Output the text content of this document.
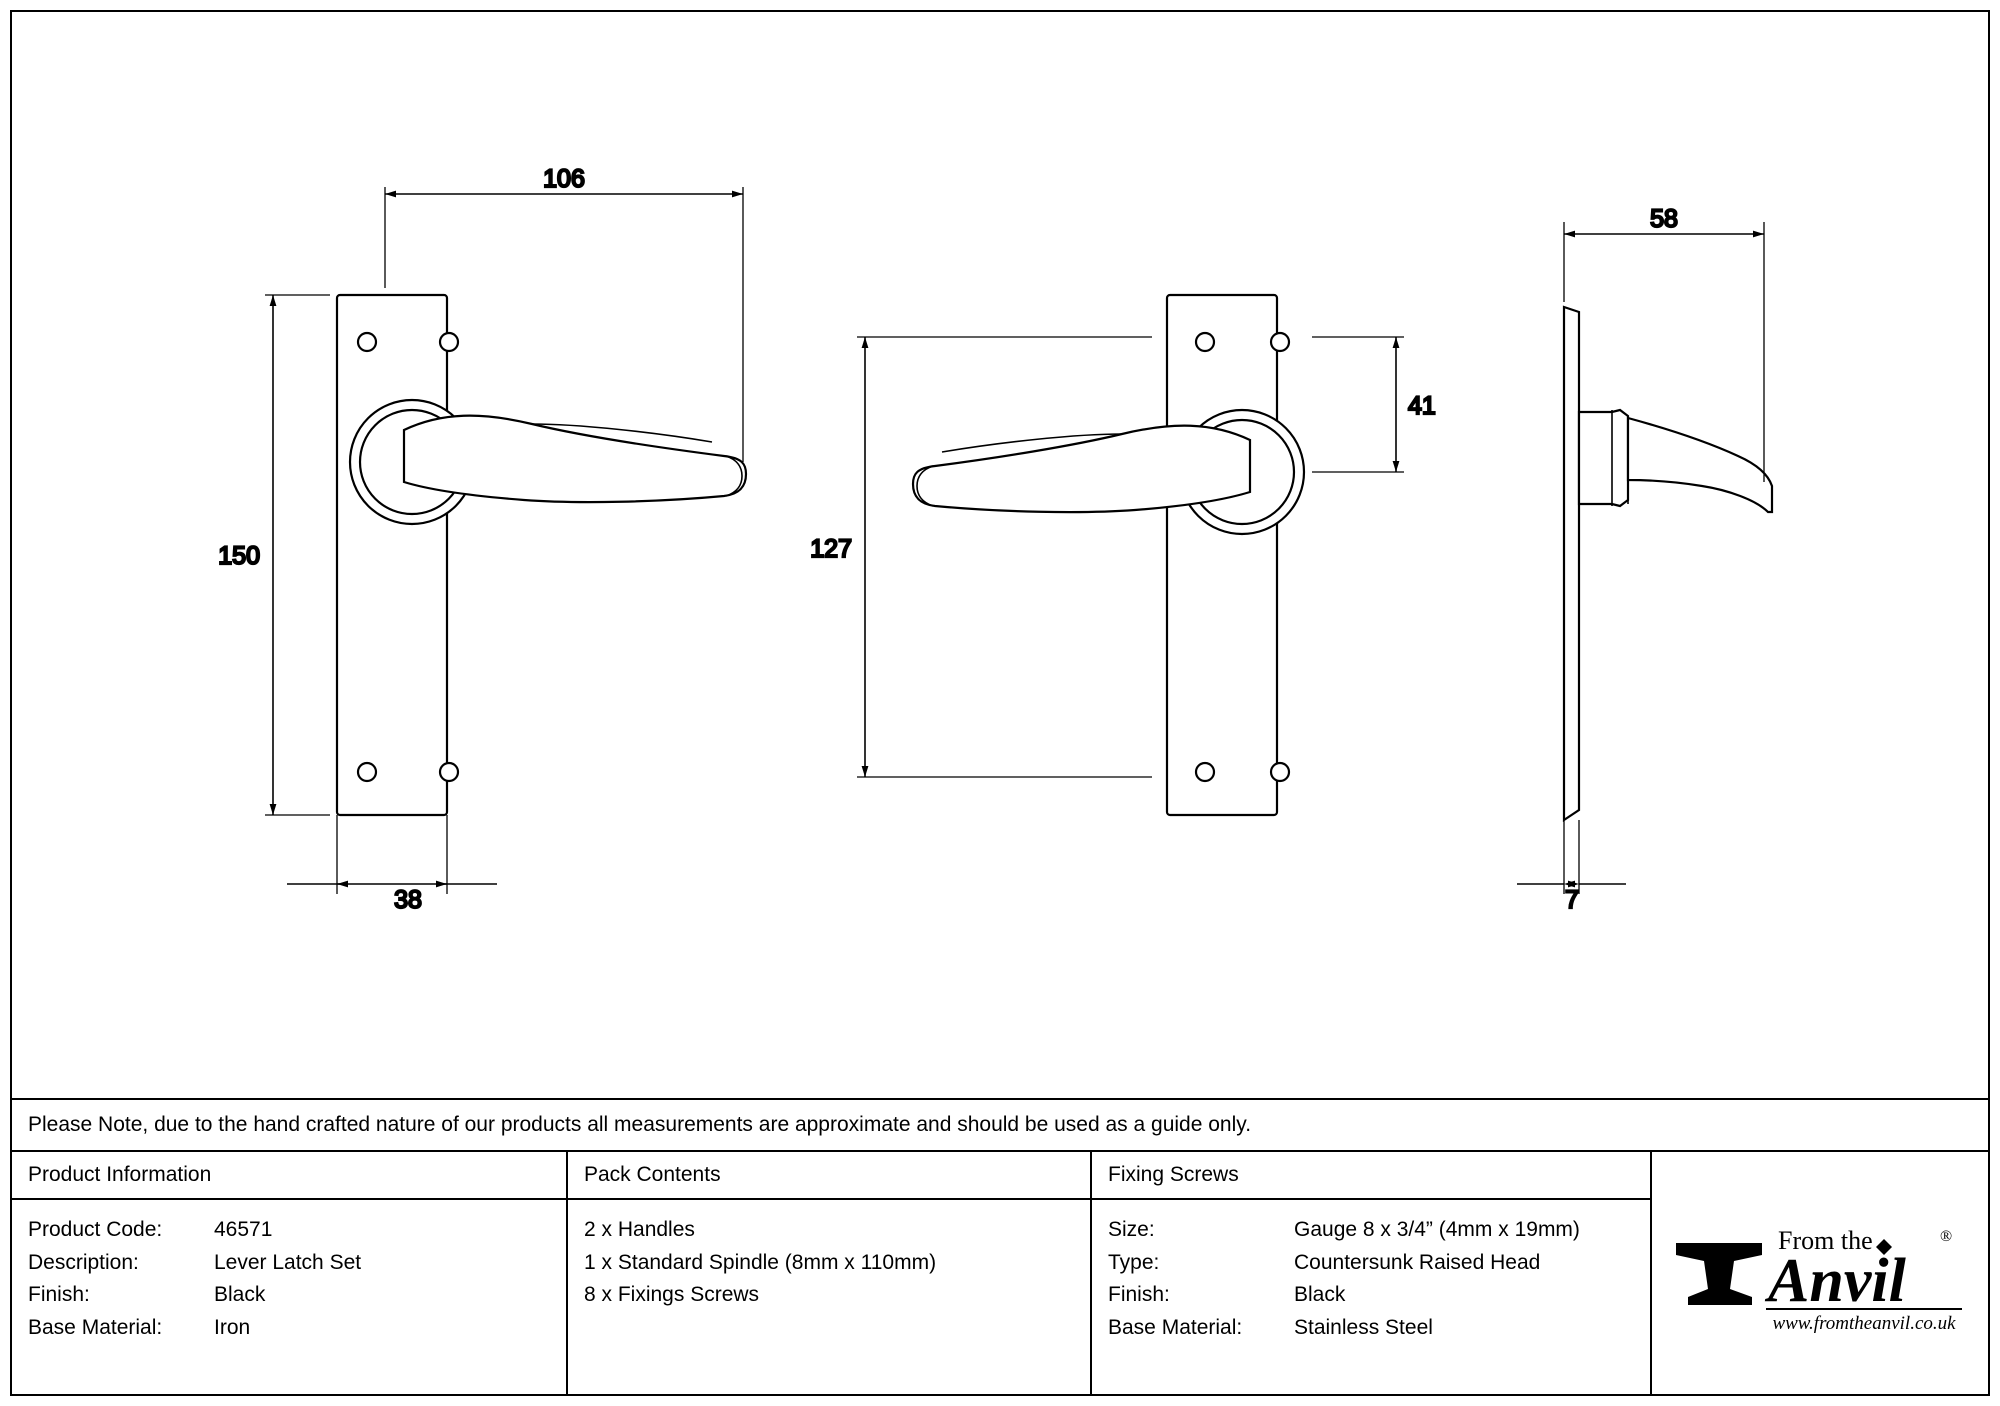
106
150
38
127
41
58
7
Please Note, due to the hand crafted nature of our products all measurements are approximate and should be used as a guide only.
Product Information
Product Code:	46571
Description:	Lever Latch Set
Finish:	Black
Base Material:	Iron
Pack Contents
2 x Handles
1 x Standard Spindle (8mm x 110mm)
8 x Fixings Screws
Fixing Screws
Size:	Gauge 8 x 3/4” (4mm x 19mm)
Type:	Countersunk Raised Head
Finish:	Black
Base Material:	Stainless Steel
From the	®
Anvil
www.fromtheanvil.co.uk
